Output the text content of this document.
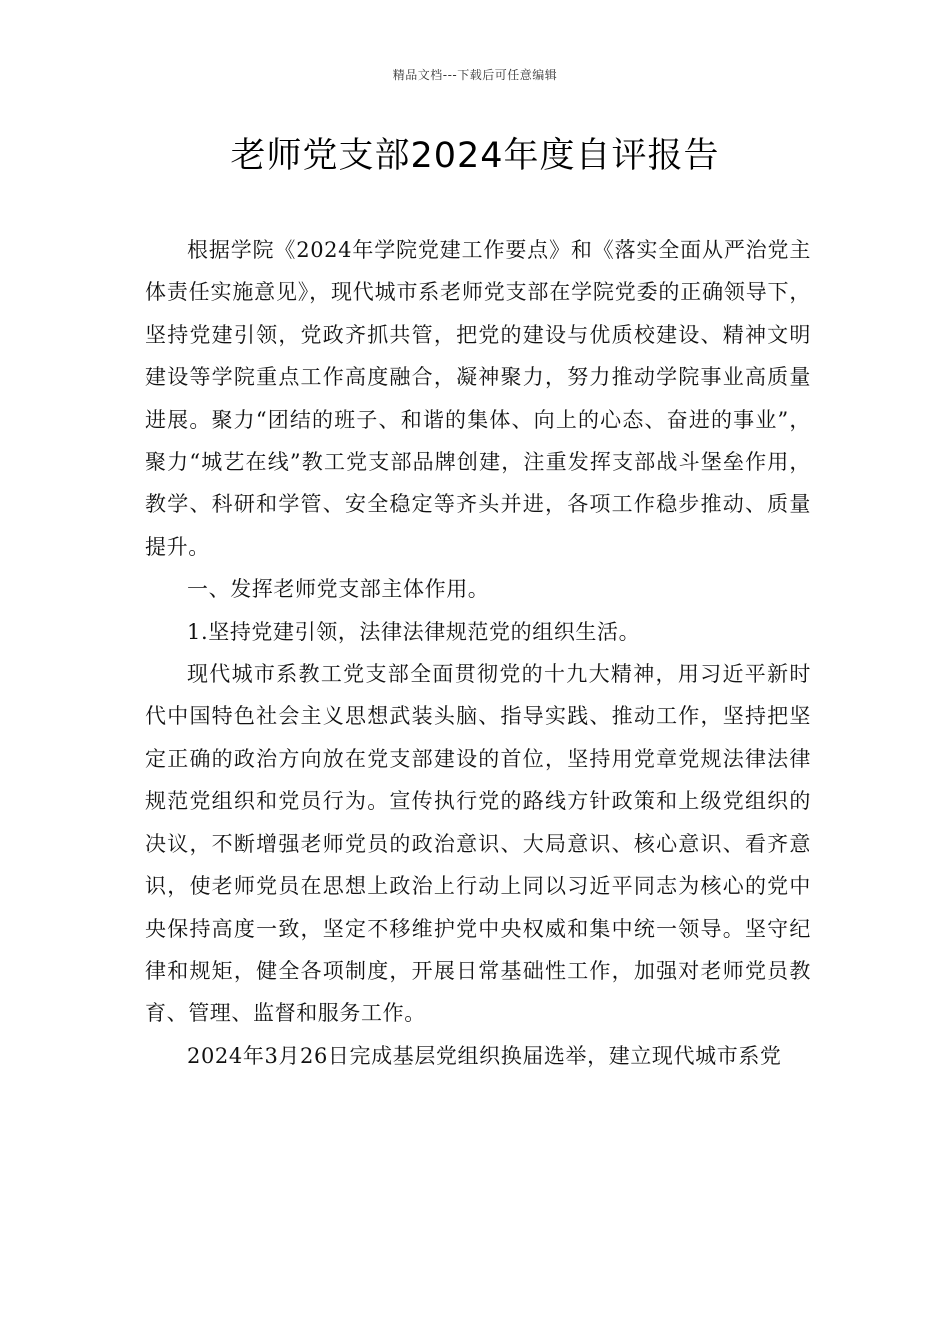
精品文档---下载后可任意编辑
老师党支部2024年度自评报告

根据学院《2024年学院党建工作要点》和《落实全面从严治党主体责任实施意见》，现代城市系老师党支部在学院党委的正确领导下，坚持党建引领，党政齐抓共管，把党的建设与优质校建设、精神文明建设等学院重点工作高度融合，凝神聚力，努力推动学院事业高质量进展。聚力“团结的班子、和谐的集体、向上的心态、奋进的事业”，聚力“城艺在线”教工党支部品牌创建，注重发挥支部战斗堡垒作用，教学、科研和学管、安全稳定等齐头并进，各项工作稳步推动、质量提升。

一、发挥老师党支部主体作用。

1.坚持党建引领，法律法律规范党的组织生活。

现代城市系教工党支部全面贯彻党的十九大精神，用习近平新时代中国特色社会主义思想武装头脑、指导实践、推动工作，坚持把坚定正确的政治方向放在党支部建设的首位，坚持用党章党规法律法律规范党组织和党员行为。宣传执行党的路线方针政策和上级党组织的决议，不断增强老师党员的政治意识、大局意识、核心意识、看齐意识，使老师党员在思想上政治上行动上同以习近平同志为核心的党中央保持高度一致，坚定不移维护党中央权威和集中统一领导。坚守纪律和规矩，健全各项制度，开展日常基础性工作，加强对老师党员教育、管理、监督和服务工作。

2024年3月26日完成基层党组织换届选举，建立现代城市系党
